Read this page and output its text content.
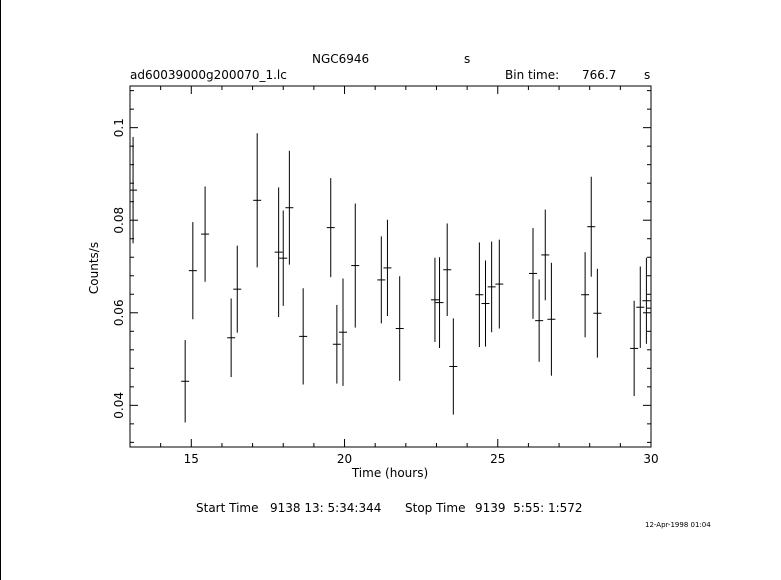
NGC6946	s
ad60039000g200070_1.lc	Bin time: 766.7 s
15	20	25	30
0.04
0.06
0.08
0.1
Time (hours)
Counts/s
Start Time 9138 13: 5:34:344 Stop Time 9139  5:55: 1:572
12-Apr-1998 01:04
